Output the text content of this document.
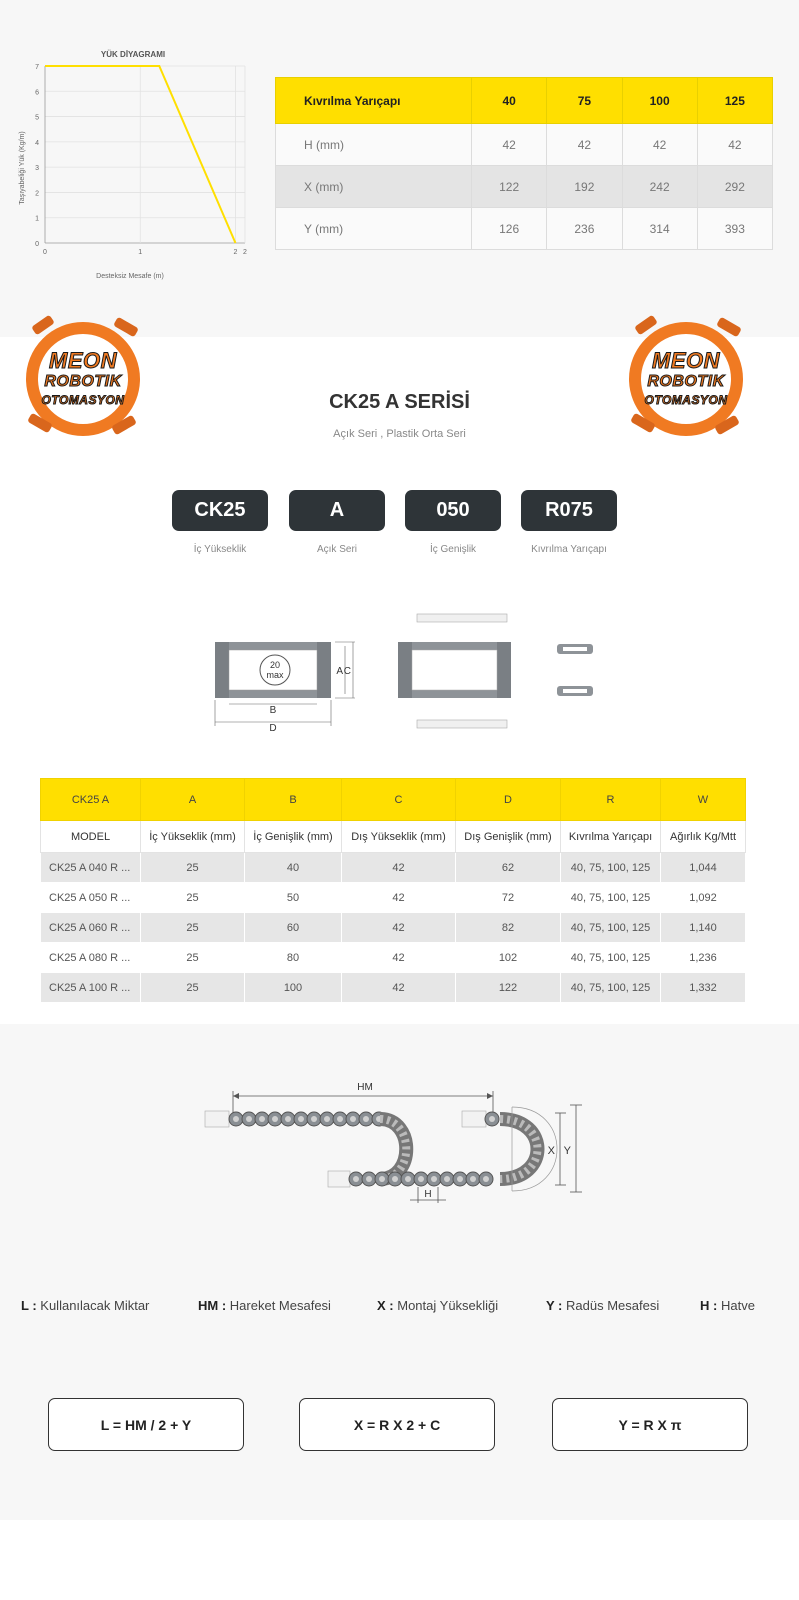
YÜK DİYAGRAMI
0
1
2
3
4
5
6
7
0	1	2 2
Desteksiz Mesafe (m)
Taşıyabeliği Yük (Kg/m)
Kıvrılma Yarıçapı	40	75	100	125
H (mm)	42	42	42	42
X (mm)	122	192	242	292
Y (mm)	126	236	314	393
MEON
ROBOTIK
OTOMASYON
MEON
ROBOTIK
OTOMASYON
CK25 A SERİSİ
Açık Seri , Plastik Orta Seri
CK25	A	050	R075
İç Yükseklik	Açık Seri	İç Genişlik	Kıvrılma Yarıçapı
20
max	A C
B
D
CK25 A	A	B	C	D	R	W
MODEL	İç Yükseklik (mm)	İç Genişlik (mm)	Dış Yükseklik (mm)	Dış Genişlik (mm)	Kıvrılma Yarıçapı	Ağırlık Kg/Mtt
CK25 A 040 R ...	25	40	42	62	40, 75, 100, 125	1,044
CK25 A 050 R ...	25	50	42	72	40, 75, 100, 125	1,092
CK25 A 060 R ...	25	60	42	82	40, 75, 100, 125	1,140
CK25 A 080 R ...	25	80	42	102	40, 75, 100, 125	1,236
CK25 A 100 R ...	25	100	42	122	40, 75, 100, 125	1,332
HM
X Y
H
L : Kullanılacak Miktar	HM : Hareket Mesafesi	X : Montaj Yüksekliği	Y : Radüs Mesafesi	H : Hatve
L = HM / 2 + Y	X = R X 2 + C	Y = R X π
